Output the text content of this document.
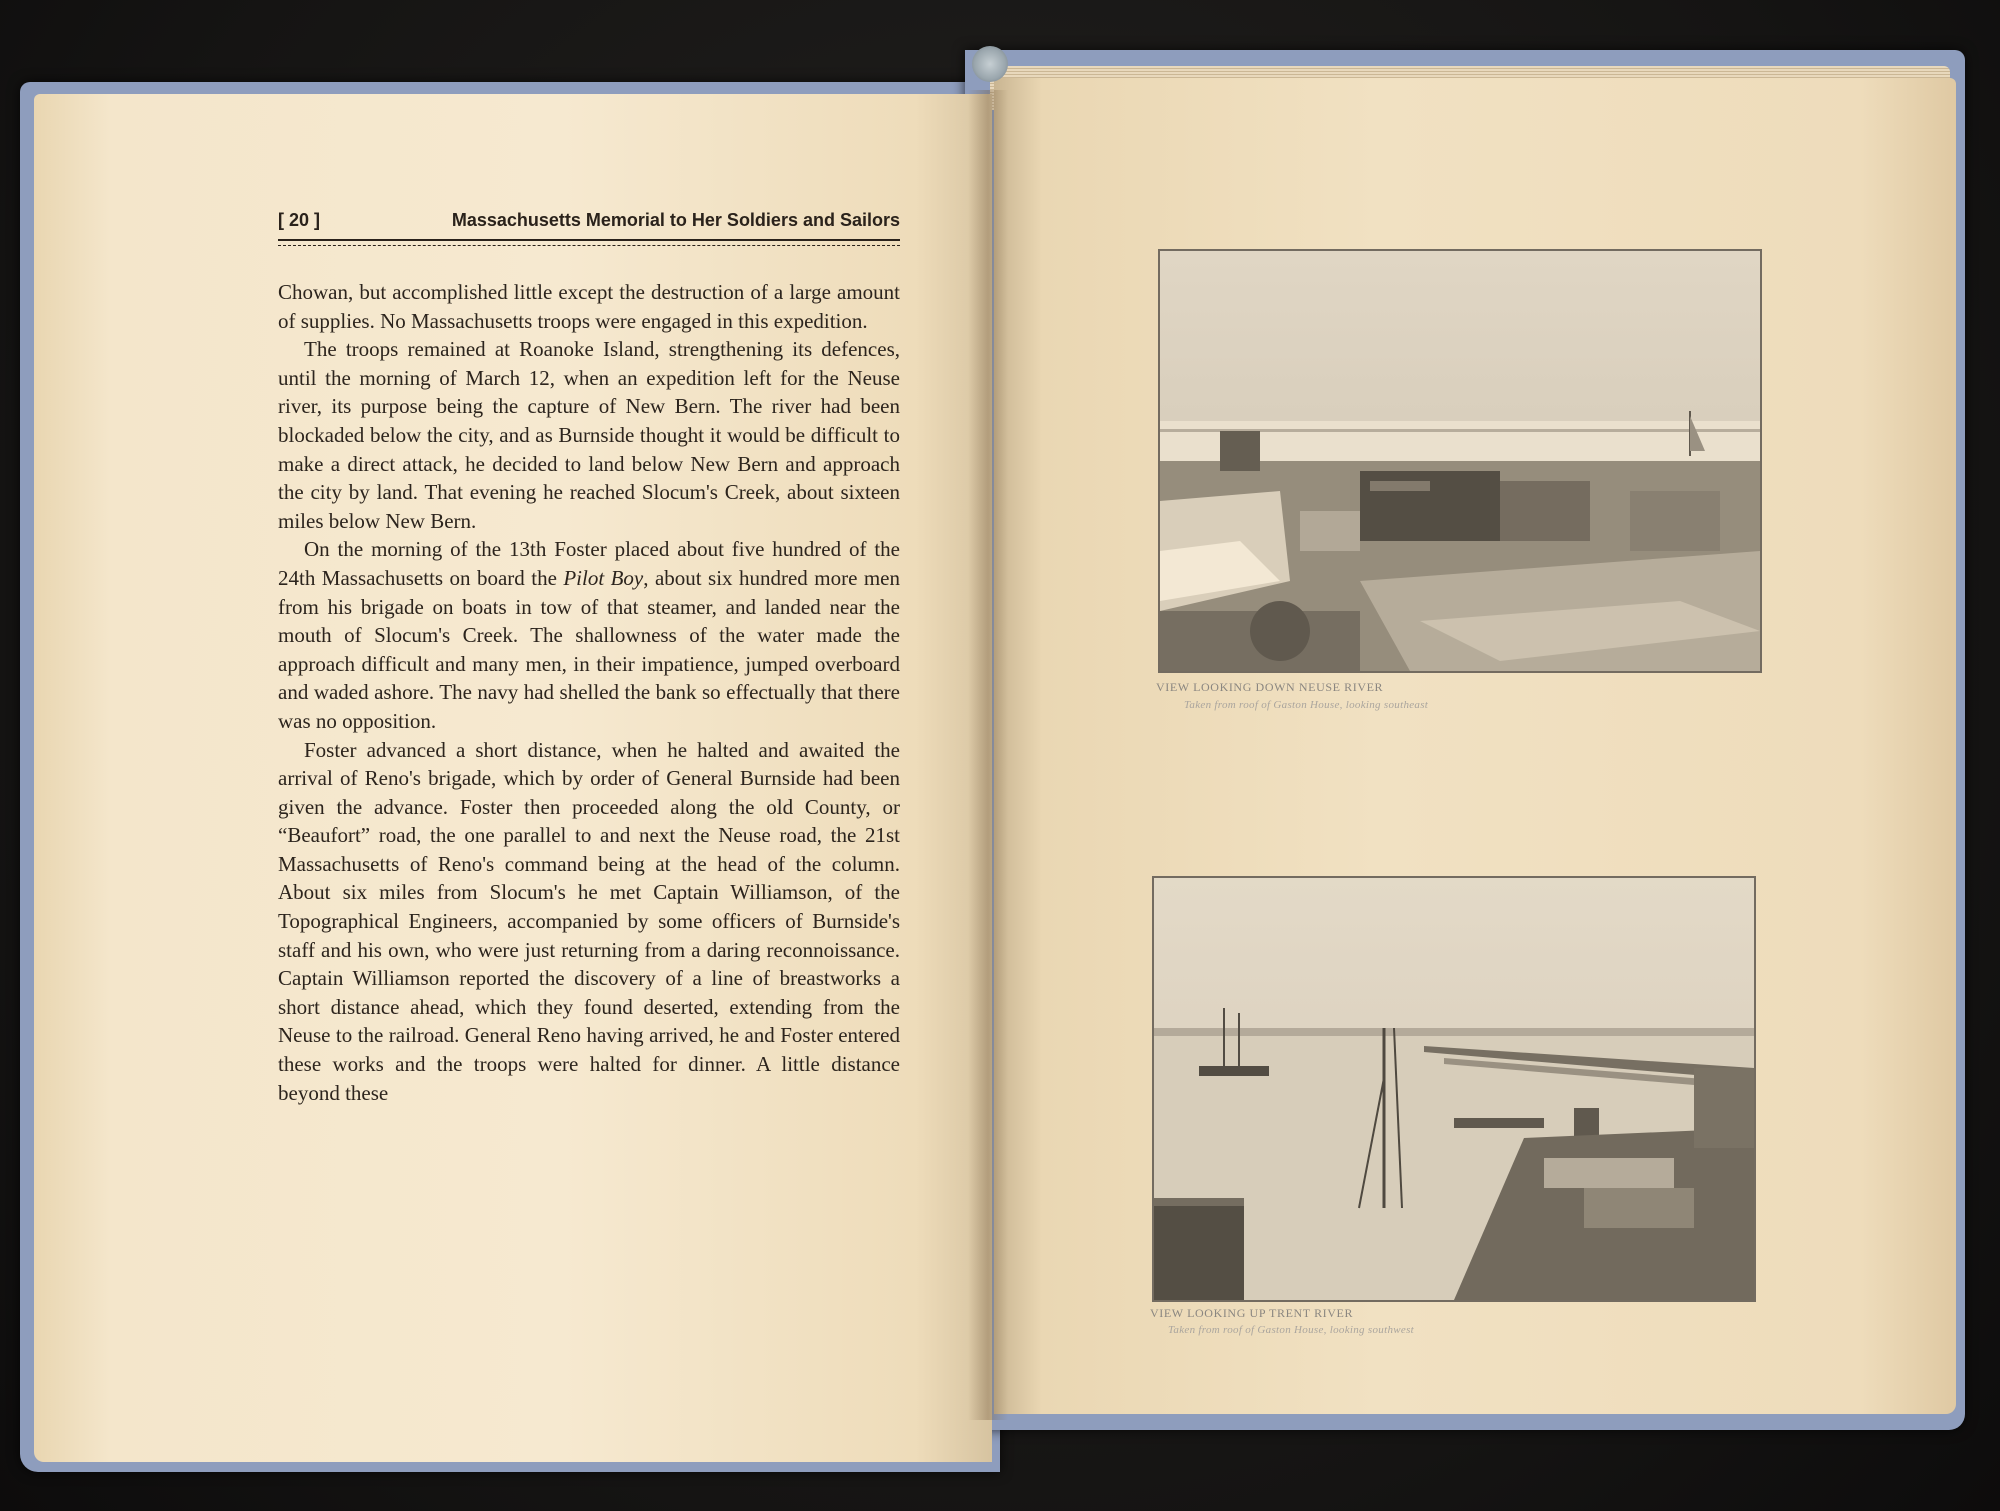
[ 20 ]	Massachusetts Memorial to Her Soldiers and Sailors

Chowan, but accomplished little except the destruction of a large amount of supplies. No Massachusetts troops were engaged in this expedition.

The troops remained at Roanoke Island, strengthening its defences, until the morning of March 12, when an expedition left for the Neuse river, its purpose being the capture of New Bern. The river had been blockaded below the city, and as Burnside thought it would be difficult to make a direct attack, he decided to land below New Bern and approach the city by land. That evening he reached Slocum's Creek, about sixteen miles below New Bern.

On the morning of the 13th Foster placed about five hundred of the 24th Massachusetts on board the Pilot Boy, about six hundred more men from his brigade on boats in tow of that steamer, and landed near the mouth of Slocum's Creek. The shallowness of the water made the approach difficult and many men, in their impatience, jumped overboard and waded ashore. The navy had shelled the bank so effectually that there was no opposition.

Foster advanced a short distance, when he halted and awaited the arrival of Reno's brigade, which by order of General Burnside had been given the advance. Foster then proceeded along the old County, or “Beaufort” road, the one parallel to and next the Neuse road, the 21st Massachusetts of Reno's command being at the head of the column. About six miles from Slocum's he met Captain Williamson, of the Topographical Engineers, accompanied by some officers of Burnside's staff and his own, who were just returning from a daring reconnoissance. Captain Williamson reported the discovery of a line of breastworks a short distance ahead, which they found deserted, extending from the Neuse to the railroad. General Reno having arrived, he and Foster entered these works and the troops were halted for dinner. A little distance beyond these

VIEW LOOKING DOWN NEUSE RIVER
Taken from roof of Gaston House, looking southeast
VIEW LOOKING UP TRENT RIVER
Taken from roof of Gaston House, looking southwest
